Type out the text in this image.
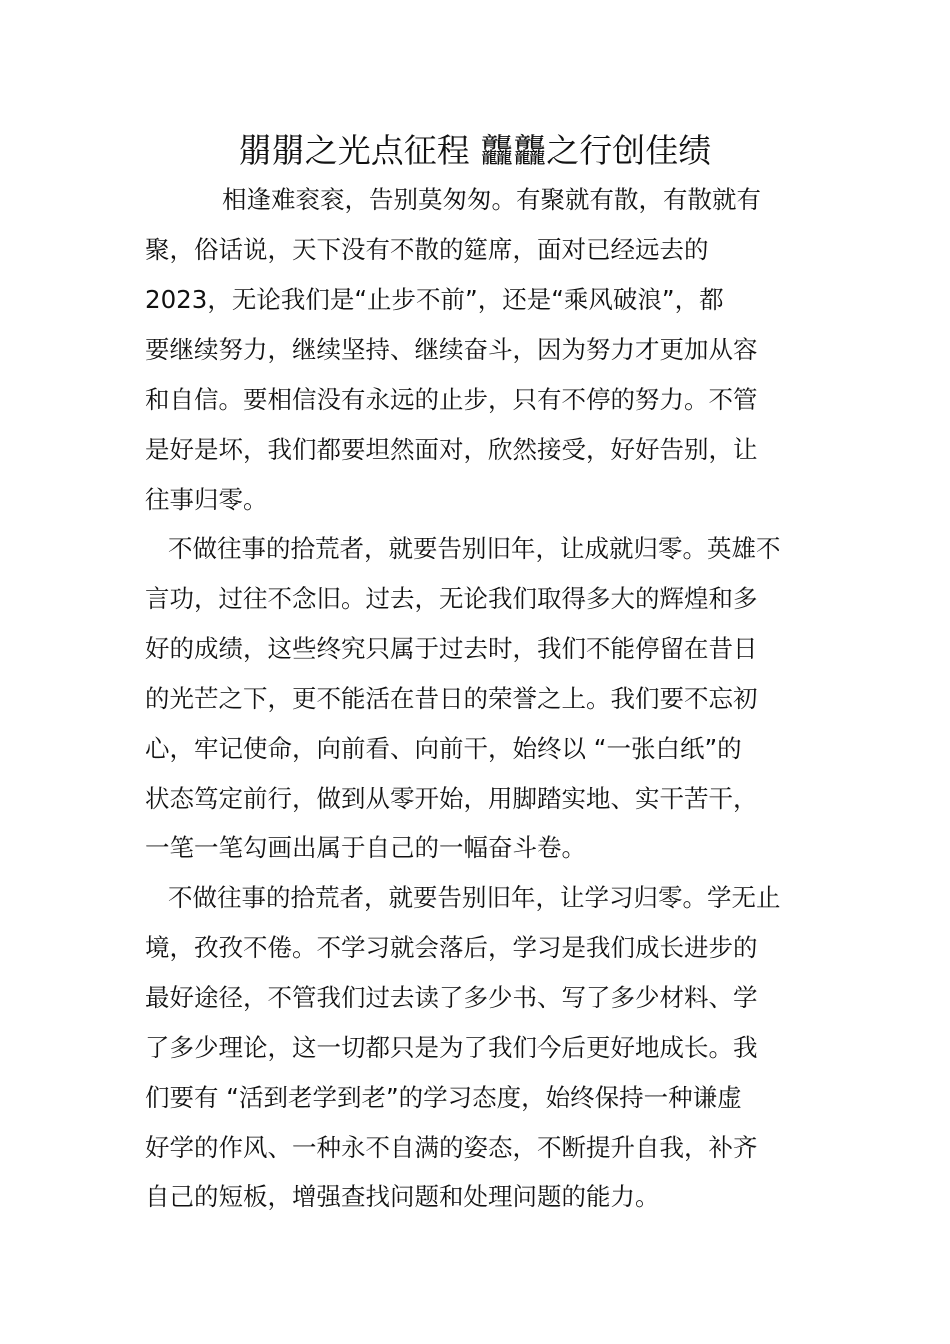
朤朤之光点征程 龘龘之行创佳绩

相逢难衮衮，告别莫匆匆。有聚就有散，有散就有

聚，俗话说，天下没有不散的筵席，面对已经远去的

2023，无论我们是“止步不前”，还是“乘风破浪”，都

要继续努力，继续坚持、继续奋斗，因为努力才更加从容

和自信。要相信没有永远的止步，只有不停的努力。不管

是好是坏，我们都要坦然面对，欣然接受，好好告别，让

往事归零。

不做往事的拾荒者，就要告别旧年，让成就归零。英雄不

言功，过往不念旧。过去，无论我们取得多大的辉煌和多

好的成绩，这些终究只属于过去时，我们不能停留在昔日

的光芒之下，更不能活在昔日的荣誉之上。我们要不忘初

心，牢记使命，向前看、向前干，始终以 “一张白纸”的

状态笃定前行，做到从零开始，用脚踏实地、实干苦干，

一笔一笔勾画出属于自己的一幅奋斗卷。

不做往事的拾荒者，就要告别旧年，让学习归零。学无止

境，孜孜不倦。不学习就会落后，学习是我们成长进步的

最好途径，不管我们过去读了多少书、写了多少材料、学

了多少理论，这一切都只是为了我们今后更好地成长。我

们要有 “活到老学到老”的学习态度，始终保持一种谦虚

好学的作风、一种永不自满的姿态，不断提升自我，补齐

自己的短板，增强查找问题和处理问题的能力。
